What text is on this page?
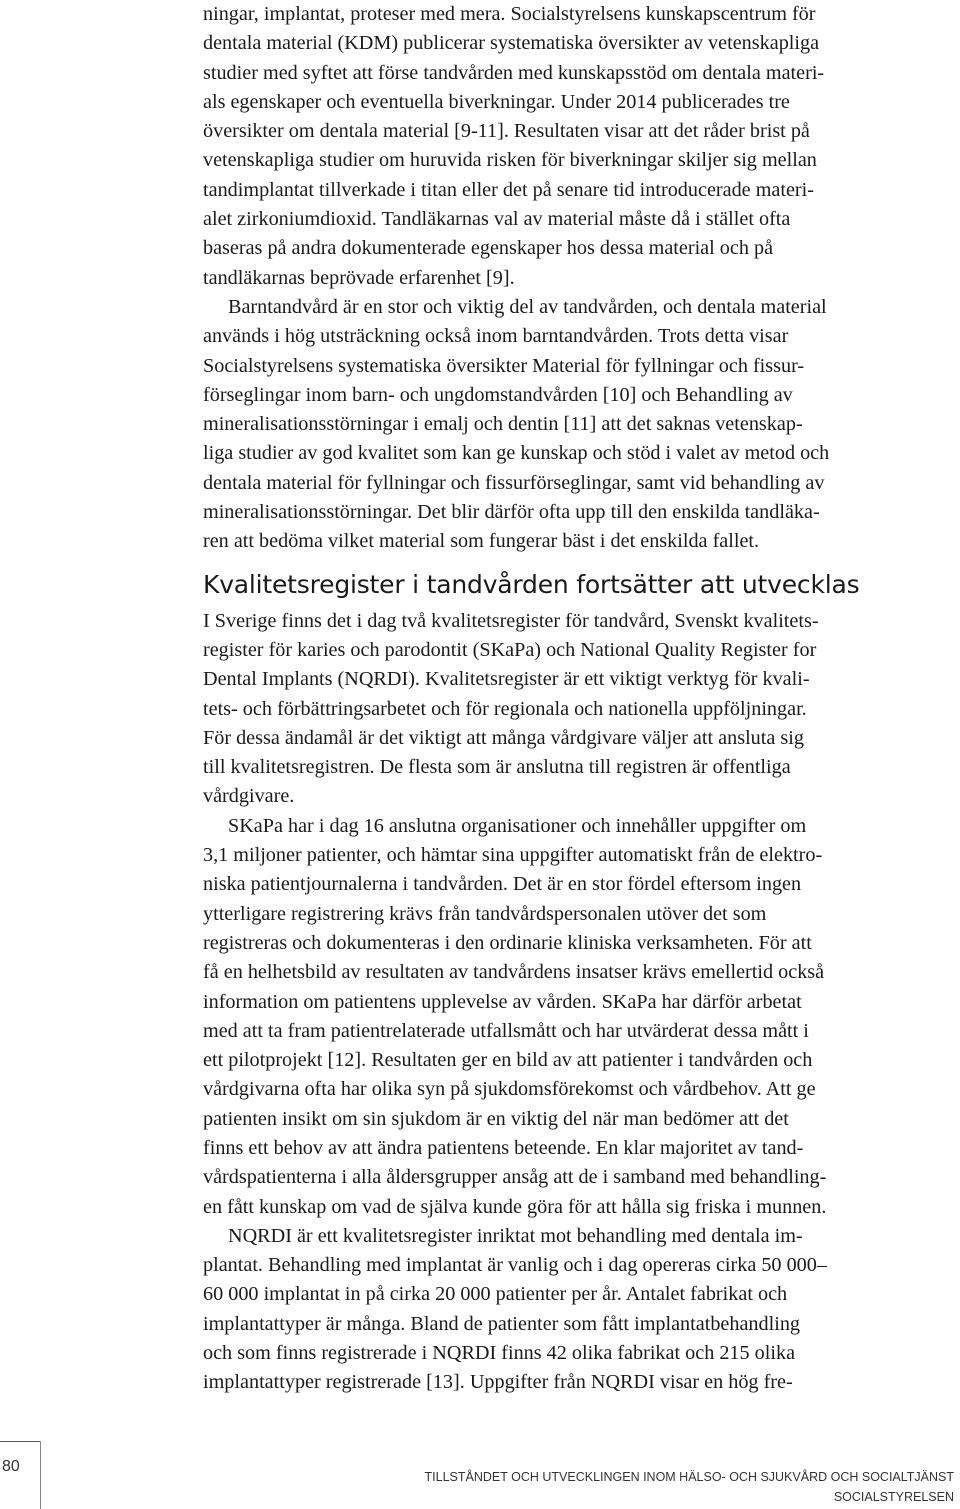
ningar, implantat, proteser med mera. Socialstyrelsens kunskapscentrum för
dentala material (KDM) publicerar systematiska översikter av vetenskapliga
studier med syftet att förse tandvården med kunskapsstöd om dentala materi-
als egenskaper och eventuella biverkningar. Under 2014 publicerades tre
översikter om dentala material [9-11]. Resultaten visar att det råder brist på
vetenskapliga studier om huruvida risken för biverkningar skiljer sig mellan
tandimplantat tillverkade i titan eller det på senare tid introducerade materi-
alet zirkoniumdioxid. Tandläkarnas val av material måste då i stället ofta
baseras på andra dokumenterade egenskaper hos dessa material och på
tandläkarnas beprövade erfarenhet [9].
Barntandvård är en stor och viktig del av tandvården, och dentala material
används i hög utsträckning också inom barntandvården. Trots detta visar
Socialstyrelsens systematiska översikter Material för fyllningar och fissur-
förseglingar inom barn- och ungdomstandvården [10] och Behandling av
mineralisationsstörningar i emalj och dentin [11] att det saknas vetenskap-
liga studier av god kvalitet som kan ge kunskap och stöd i valet av metod och
dentala material för fyllningar och fissurförseglingar, samt vid behandling av
mineralisationsstörningar. Det blir därför ofta upp till den enskilda tandläka-
ren att bedöma vilket material som fungerar bäst i det enskilda fallet.
Kvalitetsregister i tandvården fortsätter att utvecklas
I Sverige finns det i dag två kvalitetsregister för tandvård, Svenskt kvalitets-
register för karies och parodontit (SKaPa) och National Quality Register for
Dental Implants (NQRDI). Kvalitetsregister är ett viktigt verktyg för kvali-
tets- och förbättringsarbetet och för regionala och nationella uppföljningar.
För dessa ändamål är det viktigt att många vårdgivare väljer att ansluta sig
till kvalitetsregistren. De flesta som är anslutna till registren är offentliga
vårdgivare.
SKaPa har i dag 16 anslutna organisationer och innehåller uppgifter om
3,1 miljoner patienter, och hämtar sina uppgifter automatiskt från de elektro-
niska patientjournalerna i tandvården. Det är en stor fördel eftersom ingen
ytterligare registrering krävs från tandvårdspersonalen utöver det som
registreras och dokumenteras i den ordinarie kliniska verksamheten. För att
få en helhetsbild av resultaten av tandvårdens insatser krävs emellertid också
information om patientens upplevelse av vården. SKaPa har därför arbetat
med att ta fram patientrelaterade utfallsmått och har utvärderat dessa mått i
ett pilotprojekt [12]. Resultaten ger en bild av att patienter i tandvården och
vårdgivarna ofta har olika syn på sjukdomsförekomst och vårdbehov. Att ge
patienten insikt om sin sjukdom är en viktig del när man bedömer att det
finns ett behov av att ändra patientens beteende. En klar majoritet av tand-
vårdspatienterna i alla åldersgrupper ansåg att de i samband med behandling-
en fått kunskap om vad de själva kunde göra för att hålla sig friska i munnen.
NQRDI är ett kvalitetsregister inriktat mot behandling med dentala im-
plantat. Behandling med implantat är vanlig och i dag opereras cirka 50 000–
60 000 implantat in på cirka 20 000 patienter per år. Antalet fabrikat och
implantattyper är många. Bland de patienter som fått implantatbehandling
och som finns registrerade i NQRDI finns 42 olika fabrikat och 215 olika
implantattyper registrerade [13]. Uppgifter från NQRDI visar en hög fre-
80
TILLSTÅNDET OCH UTVECKLINGEN INOM HÄLSO- OCH SJUKVÅRD OCH SOCIALTJÄNST
SOCIALSTYRELSEN
